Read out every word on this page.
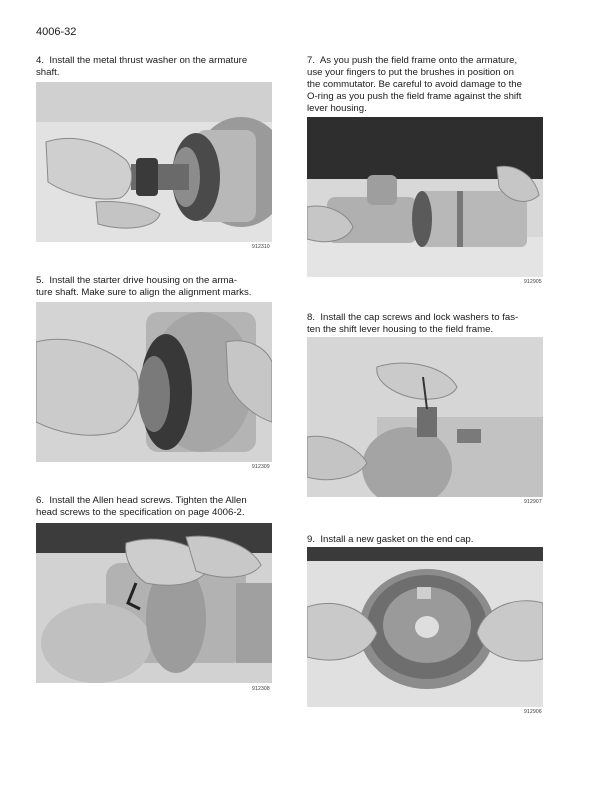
4006-32
4. Install the metal thrust washer on the armature
shaft.
912310
5. Install the starter drive housing on the arma-
ture shaft. Make sure to align the alignment marks.
912309
6. Install the Allen head screws. Tighten the Allen
head screws to the specification on page 4006-2.
912308
7. As you push the field frame onto the armature,
use your fingers to put the brushes in position on
the commutator. Be careful to avoid damage to the
O-ring as you push the field frame against the shift
lever housing.
912905
8. Install the cap screws and lock washers to fas-
ten the shift lever housing to the field frame.
912907
9. Install a new gasket on the end cap.
912906
